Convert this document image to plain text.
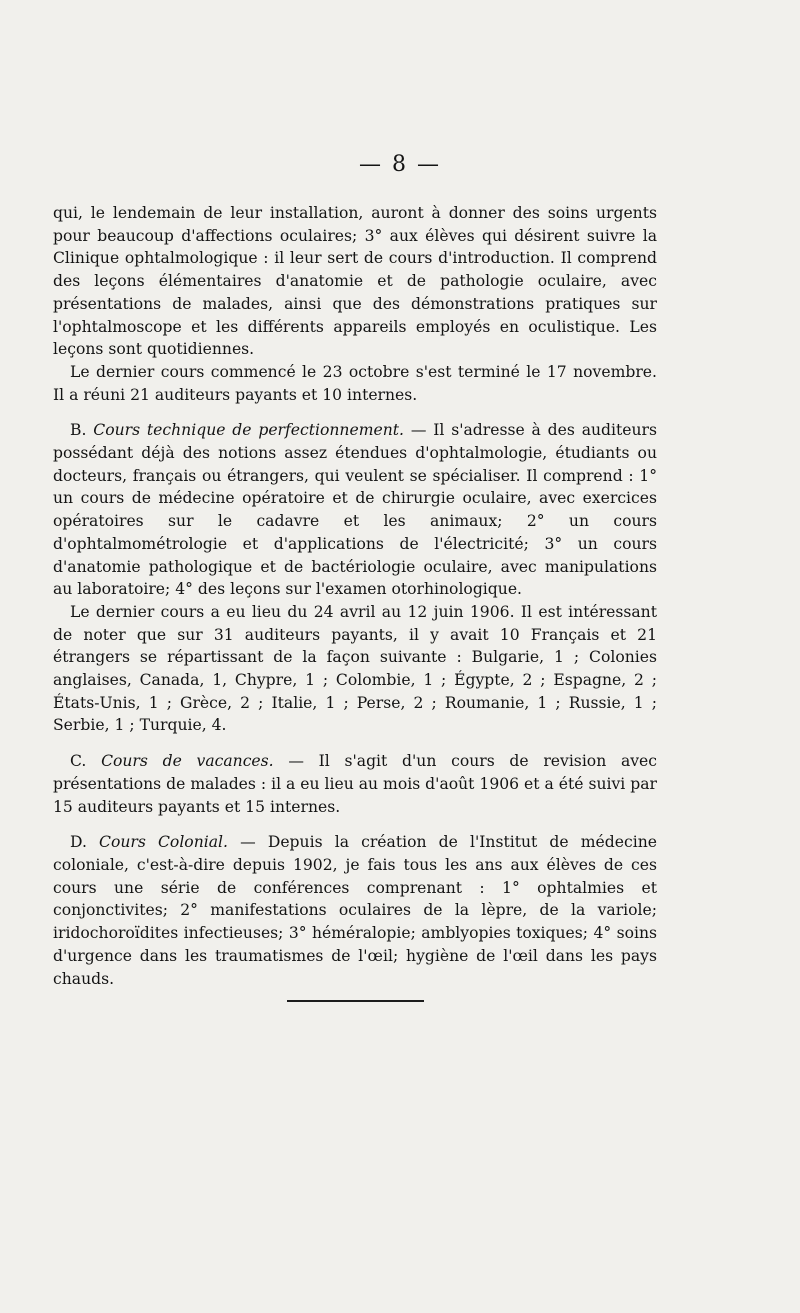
— 8 —

qui, le lendemain de leur installation, auront à donner des soins urgents pour beaucoup d'affections oculaires; 3° aux élèves qui désirent suivre la Clinique ophtalmologique : il leur sert de cours d'introduction. Il comprend des leçons élémentaires d'anatomie et de pathologie oculaire, avec présentations de malades, ainsi que des démonstrations pratiques sur l'ophtalmoscope et les différents appareils employés en oculistique. Les leçons sont quotidiennes.

Le dernier cours commencé le 23 octobre s'est terminé le 17 novembre. Il a réuni 21 auditeurs payants et 10 internes.

B. Cours technique de perfectionnement. — Il s'adresse à des auditeurs possédant déjà des notions assez étendues d'ophtalmologie, étudiants ou docteurs, français ou étrangers, qui veulent se spécialiser. Il comprend : 1° un cours de médecine opératoire et de chirurgie oculaire, avec exercices opératoires sur le cadavre et les animaux; 2° un cours d'ophtalmométrologie et d'applications de l'électricité; 3° un cours d'anatomie pathologique et de bactériologie oculaire, avec manipulations au laboratoire; 4° des leçons sur l'examen otorhinologique.

Le dernier cours a eu lieu du 24 avril au 12 juin 1906. Il est intéressant de noter que sur 31 auditeurs payants, il y avait 10 Français et 21 étrangers se répartissant de la façon suivante : Bulgarie, 1 ; Colonies anglaises, Canada, 1, Chypre, 1 ; Colombie, 1 ; Égypte, 2 ; Espagne, 2 ; États-Unis, 1 ; Grèce, 2 ; Italie, 1 ; Perse, 2 ; Roumanie, 1 ; Russie, 1 ; Serbie, 1 ; Turquie, 4.

C. Cours de vacances. — Il s'agit d'un cours de revision avec présentations de malades : il a eu lieu au mois d'août 1906 et a été suivi par 15 auditeurs payants et 15 internes.

D. Cours Colonial. — Depuis la création de l'Institut de médecine coloniale, c'est-à-dire depuis 1902, je fais tous les ans aux élèves de ces cours une série de conférences comprenant : 1° ophtalmies et conjonctivites; 2° manifestations oculaires de la lèpre, de la variole; iridochoroïdites infectieuses; 3° héméralopie; amblyopies toxiques; 4° soins d'urgence dans les traumatismes de l'œil; hygiène de l'œil dans les pays chauds.
